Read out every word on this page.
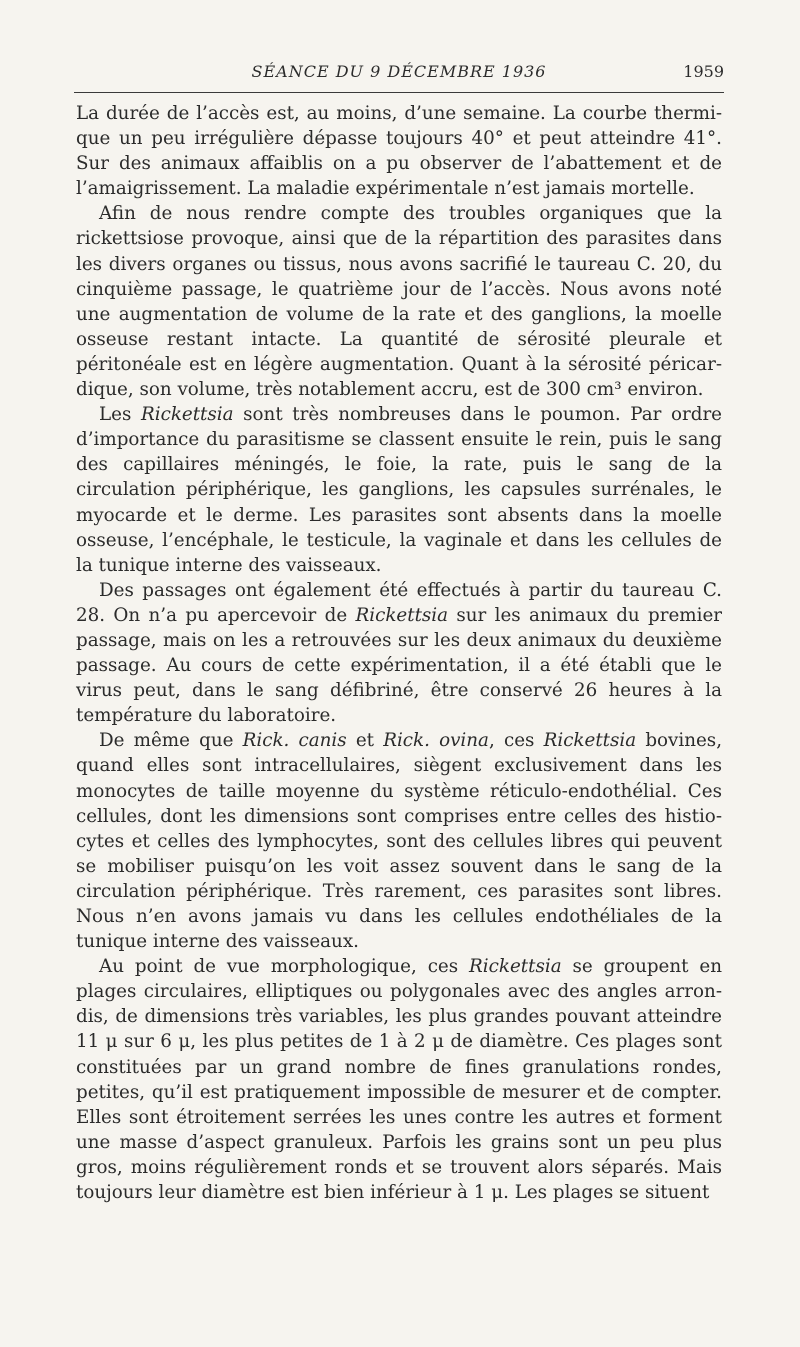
SÉANCE DU 9 DÉCEMBRE 1936	1959

La durée de l’accès est, au moins, d’une semaine. La courbe thermique un peu irrégulière dépasse toujours 40° et peut atteindre 41°. Sur des animaux affaiblis on a pu observer de l’abattement et de l’amaigrissement. La maladie expérimentale n’est jamais mortelle.

Afin de nous rendre compte des troubles organiques que la rickettsiose provoque, ainsi que de la répartition des parasites dans les divers organes ou tissus, nous avons sacrifié le taureau C. 20, du cinquième passage, le quatrième jour de l’accès. Nous avons noté une augmentation de volume de la rate et des ganglions, la moelle osseuse restant intacte. La quantité de sérosité pleurale et péritonéale est en légère augmentation. Quant à la sérosité péricardique, son volume, très notablement accru, est de 300 cm³ environ.

Les Rickettsia sont très nombreuses dans le poumon. Par ordre d’importance du parasitisme se classent ensuite le rein, puis le sang des capillaires méningés, le foie, la rate, puis le sang de la circulation périphérique, les ganglions, les capsules surrénales, le myocarde et le derme. Les parasites sont absents dans la moelle osseuse, l’encéphale, le testicule, la vaginale et dans les cellules de la tunique interne des vaisseaux.

Des passages ont également été effectués à partir du taureau C. 28. On n’a pu apercevoir de Rickettsia sur les animaux du premier passage, mais on les a retrouvées sur les deux animaux du deuxième passage. Au cours de cette expérimentation, il a été établi que le virus peut, dans le sang défibriné, être conservé 26 heures à la température du laboratoire.

De même que Rick. canis et Rick. ovina, ces Rickettsia bovines, quand elles sont intracellulaires, siègent exclusivement dans les monocytes de taille moyenne du système réticulo-endothélial. Ces cellules, dont les dimensions sont comprises entre celles des histiocytes et celles des lymphocytes, sont des cellules libres qui peuvent se mobiliser puisqu’on les voit assez souvent dans le sang de la circulation périphérique. Très rarement, ces parasites sont libres. Nous n’en avons jamais vu dans les cellules endothéliales de la tunique interne des vaisseaux.

Au point de vue morphologique, ces Rickettsia se groupent en plages circulaires, elliptiques ou polygonales avec des angles arrondis, de dimensions très variables, les plus grandes pouvant atteindre 11 μ sur 6 μ, les plus petites de 1 à 2 μ de diamètre. Ces plages sont constituées par un grand nombre de fines granulations rondes, petites, qu’il est pratiquement impossible de mesurer et de compter. Elles sont étroitement serrées les unes contre les autres et forment une masse d’aspect granuleux. Parfois les grains sont un peu plus gros, moins régulièrement ronds et se trouvent alors séparés. Mais toujours leur diamètre est bien inférieur à 1 μ. Les plages se situent
